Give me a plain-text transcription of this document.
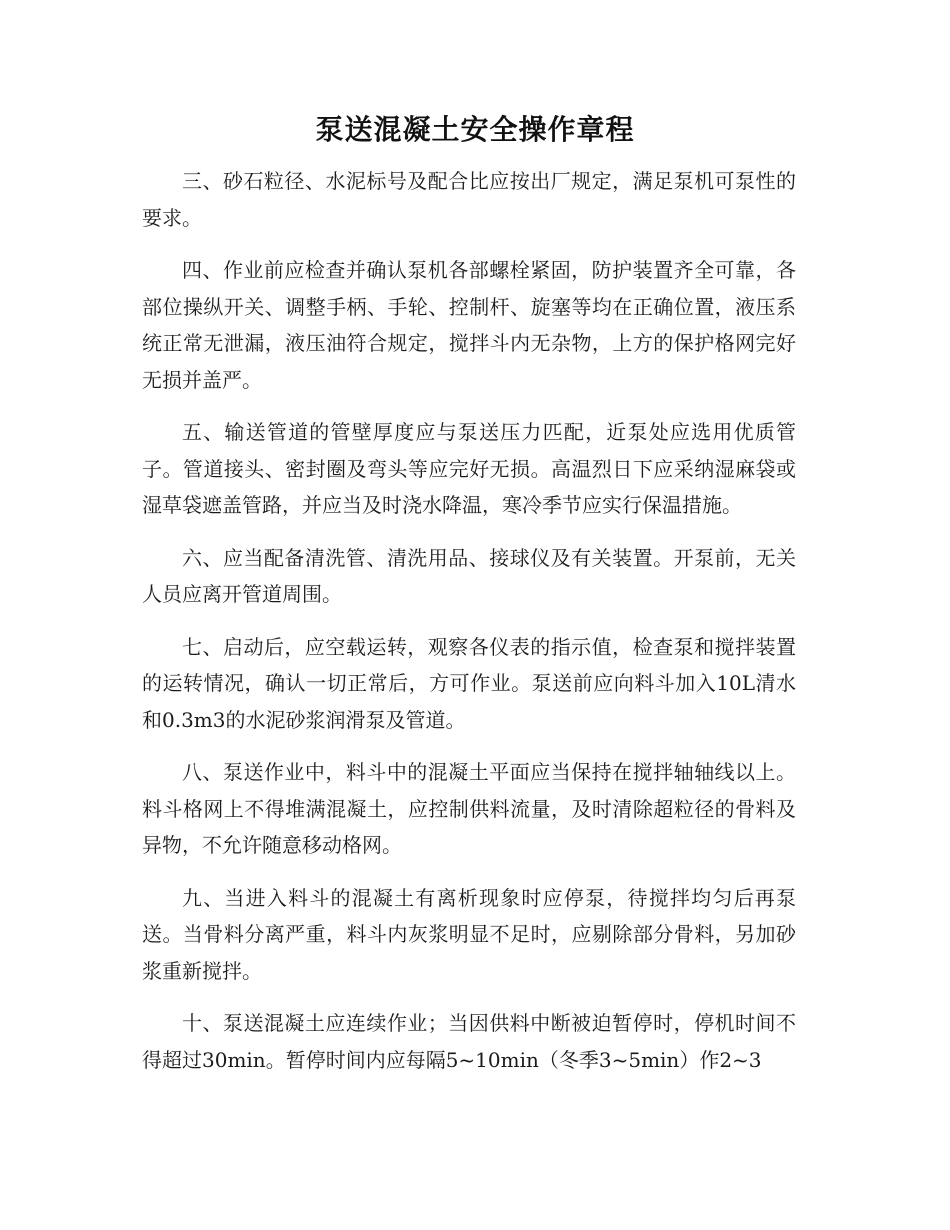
泵送混凝土安全操作章程

三、砂石粒径、水泥标号及配合比应按出厂规定，满足泵机可泵性的要求。

四、作业前应检查并确认泵机各部螺栓紧固，防护装置齐全可靠，各部位操纵开关、调整手柄、手轮、控制杆、旋塞等均在正确位置，液压系统正常无泄漏，液压油符合规定，搅拌斗内无杂物，上方的保护格网完好无损并盖严。

五、输送管道的管壁厚度应与泵送压力匹配，近泵处应选用优质管子。管道接头、密封圈及弯头等应完好无损。高温烈日下应采纳湿麻袋或湿草袋遮盖管路，并应当及时浇水降温，寒冷季节应实行保温措施。

六、应当配备清洗管、清洗用品、接球仪及有关装置。开泵前，无关人员应离开管道周围。

七、启动后，应空载运转，观察各仪表的指示值，检查泵和搅拌装置的运转情况，确认一切正常后，方可作业。泵送前应向料斗加入10L清水和0.3m3的水泥砂浆润滑泵及管道。

八、泵送作业中，料斗中的混凝土平面应当保持在搅拌轴轴线以上。料斗格网上不得堆满混凝土，应控制供料流量，及时清除超粒径的骨料及异物，不允许随意移动格网。

九、当进入料斗的混凝土有离析现象时应停泵，待搅拌均匀后再泵送。当骨料分离严重，料斗内灰浆明显不足时，应剔除部分骨料，另加砂浆重新搅拌。

十、泵送混凝土应连续作业；当因供料中断被迫暂停时，停机时间不得超过30min。暂停时间内应每隔5~10min（冬季3~5min）作2~3
